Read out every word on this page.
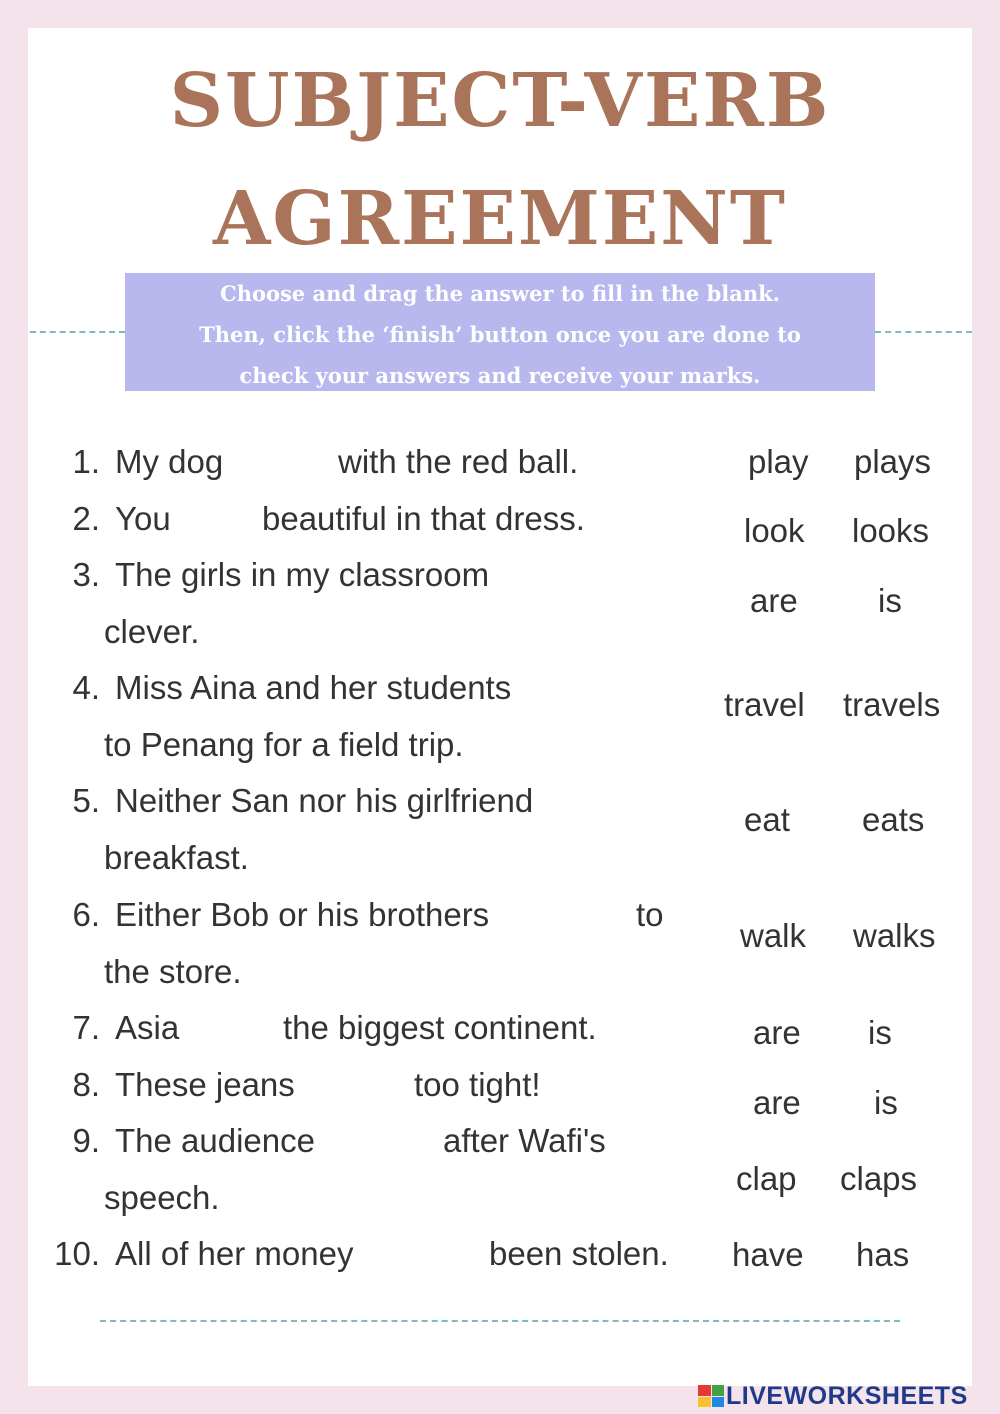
SUBJECT-VERB
AGREEMENT
Choose and drag the answer to fill in the blank.
Then, click the ‘finish’ button once you are done to
check your answers and receive your marks.
1. My dog	with the red ball.
2. You	beautiful in that dress.
3. The girls in my classroom
clever.
4. Miss Aina and her students
to Penang for a field trip.
5. Neither San nor his girlfriend
breakfast.
6. Either Bob or his brothers	to
the store.
7. Asia	the biggest continent.
8. These jeans	too tight!
9. The audience	after Wafi's
speech.
10. All of her money	been stolen.
play plays
look looks
are is
travel travels
eat eats
walk walks
are is
are is
clap claps
have has
LIVEWORKSHEETS
